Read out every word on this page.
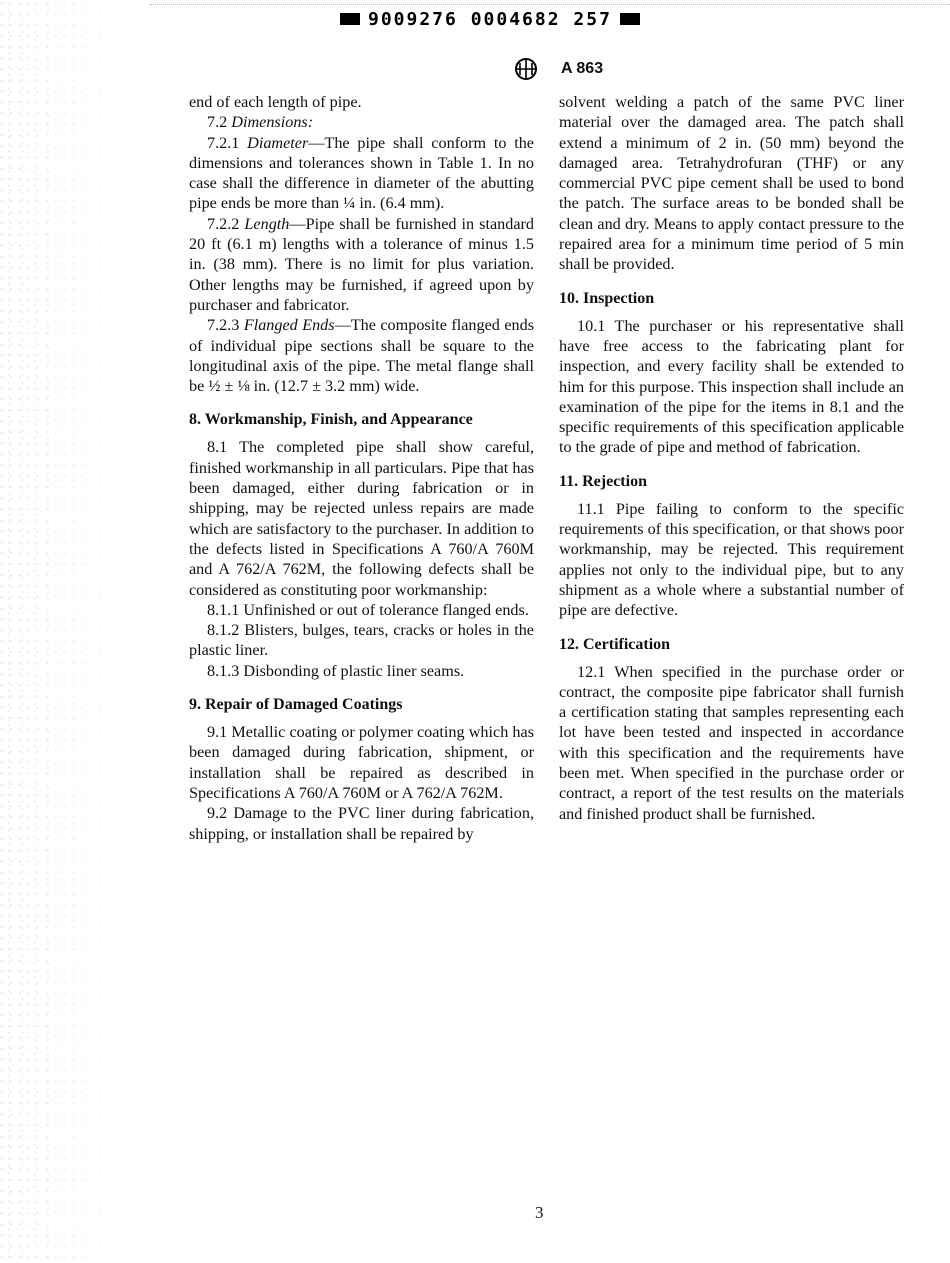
9009276 0004682 257
A 863

end of each length of pipe.

7.2 Dimensions:

7.2.1 Diameter—The pipe shall conform to the dimensions and tolerances shown in Table 1. In no case shall the difference in diameter of the abutting pipe ends be more than ¼ in. (6.4 mm).

7.2.2 Length—Pipe shall be furnished in standard 20 ft (6.1 m) lengths with a tolerance of minus 1.5 in. (38 mm). There is no limit for plus variation. Other lengths may be furnished, if agreed upon by purchaser and fabricator.

7.2.3 Flanged Ends—The composite flanged ends of individual pipe sections shall be square to the longitudinal axis of the pipe. The metal flange shall be ½ ± ⅛ in. (12.7 ± 3.2 mm) wide.

8. Workmanship, Finish, and Appearance

8.1 The completed pipe shall show careful, finished workmanship in all particulars. Pipe that has been damaged, either during fabrication or in shipping, may be rejected unless repairs are made which are satisfactory to the purchaser. In addition to the defects listed in Specifications A 760/A 760M and A 762/A 762M, the following defects shall be considered as constituting poor workmanship:

8.1.1 Unfinished or out of tolerance flanged ends.

8.1.2 Blisters, bulges, tears, cracks or holes in the plastic liner.

8.1.3 Disbonding of plastic liner seams.

9. Repair of Damaged Coatings

9.1 Metallic coating or polymer coating which has been damaged during fabrication, shipment, or installation shall be repaired as described in Specifications A 760/A 760M or A 762/A 762M.

9.2 Damage to the PVC liner during fabrication, shipping, or installation shall be repaired by

solvent welding a patch of the same PVC liner material over the damaged area. The patch shall extend a minimum of 2 in. (50 mm) beyond the damaged area. Tetrahydrofuran (THF) or any commercial PVC pipe cement shall be used to bond the patch. The surface areas to be bonded shall be clean and dry. Means to apply contact pressure to the repaired area for a minimum time period of 5 min shall be provided.

10. Inspection

10.1 The purchaser or his representative shall have free access to the fabricating plant for inspection, and every facility shall be extended to him for this purpose. This inspection shall include an examination of the pipe for the items in 8.1 and the specific requirements of this specification applicable to the grade of pipe and method of fabrication.

11. Rejection

11.1 Pipe failing to conform to the specific requirements of this specification, or that shows poor workmanship, may be rejected. This requirement applies not only to the individual pipe, but to any shipment as a whole where a substantial number of pipe are defective.

12. Certification

12.1 When specified in the purchase order or contract, the composite pipe fabricator shall furnish a certification stating that samples representing each lot have been tested and inspected in accordance with this specification and the requirements have been met. When specified in the purchase order or contract, a report of the test results on the materials and finished product shall be furnished.

3
